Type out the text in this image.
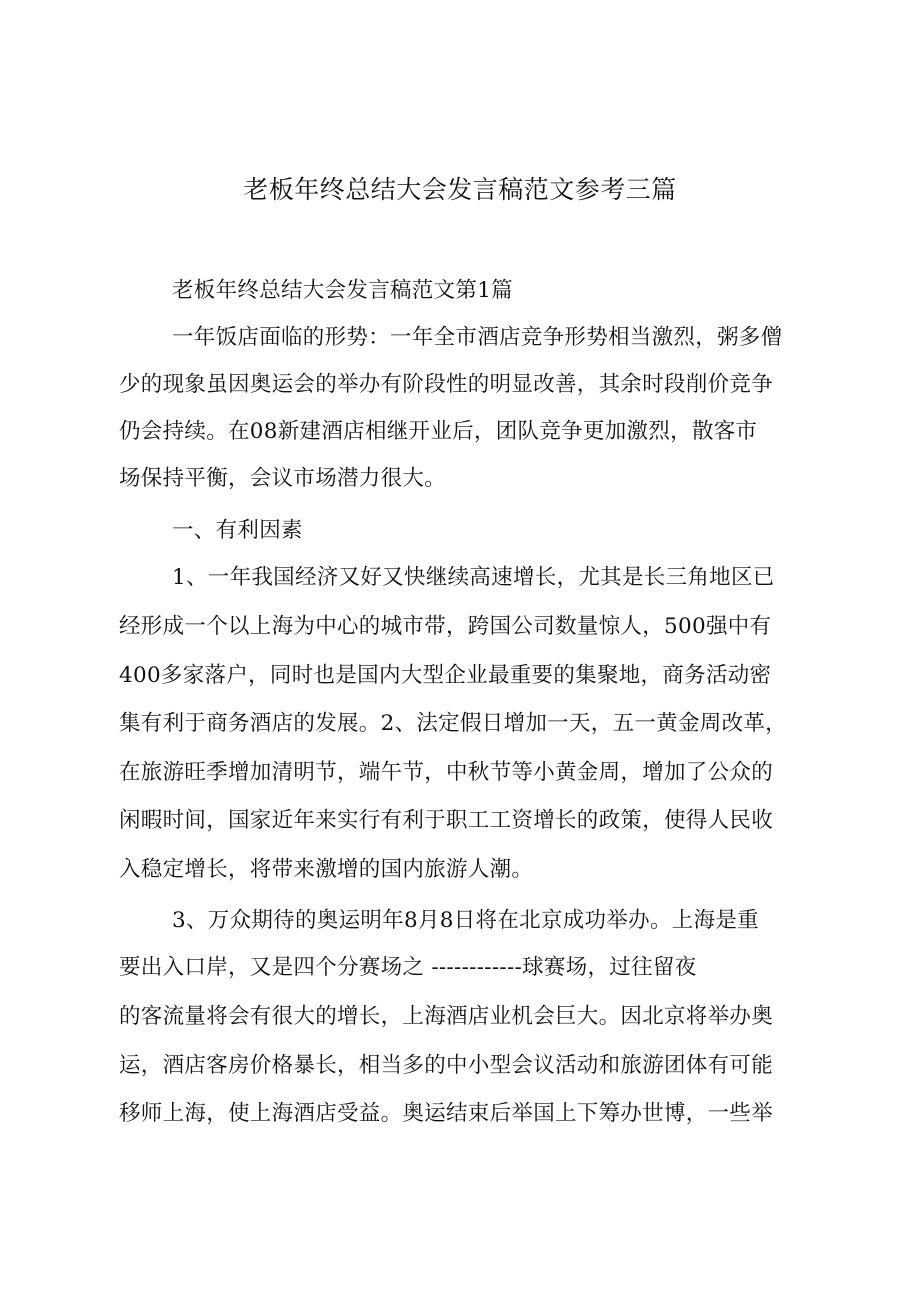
老板年终总结大会发言稿范文参考三篇
老板年终总结大会发言稿范文第1篇
一年饭店面临的形势：一年全市酒店竞争形势相当激烈，粥多僧
少的现象虽因奥运会的举办有阶段性的明显改善，其余时段削价竞争
仍会持续。在08新建酒店相继开业后，团队竞争更加激烈，散客市
场保持平衡，会议市场潜力很大。
一、有利因素
1、一年我国经济又好又快继续高速增长，尤其是长三角地区已
经形成一个以上海为中心的城市带，跨国公司数量惊人，500强中有
400多家落户，同时也是国内大型企业最重要的集聚地，商务活动密
集有利于商务酒店的发展。2、法定假日增加一天，五一黄金周改革，
在旅游旺季增加清明节，端午节，中秋节等小黄金周，增加了公众的
闲暇时间，国家近年来实行有利于职工工资增长的政策，使得人民收
入稳定增长，将带来激增的国内旅游人潮。
3、万众期待的奥运明年8月8日将在北京成功举办。上海是重
要出入口岸，又是四个分赛场之 ------------球赛场，过往留夜
的客流量将会有很大的增长，上海酒店业机会巨大。因北京将举办奥
运，酒店客房价格暴长，相当多的中小型会议活动和旅游团体有可能
移师上海，使上海酒店受益。奥运结束后举国上下筹办世博，一些举
